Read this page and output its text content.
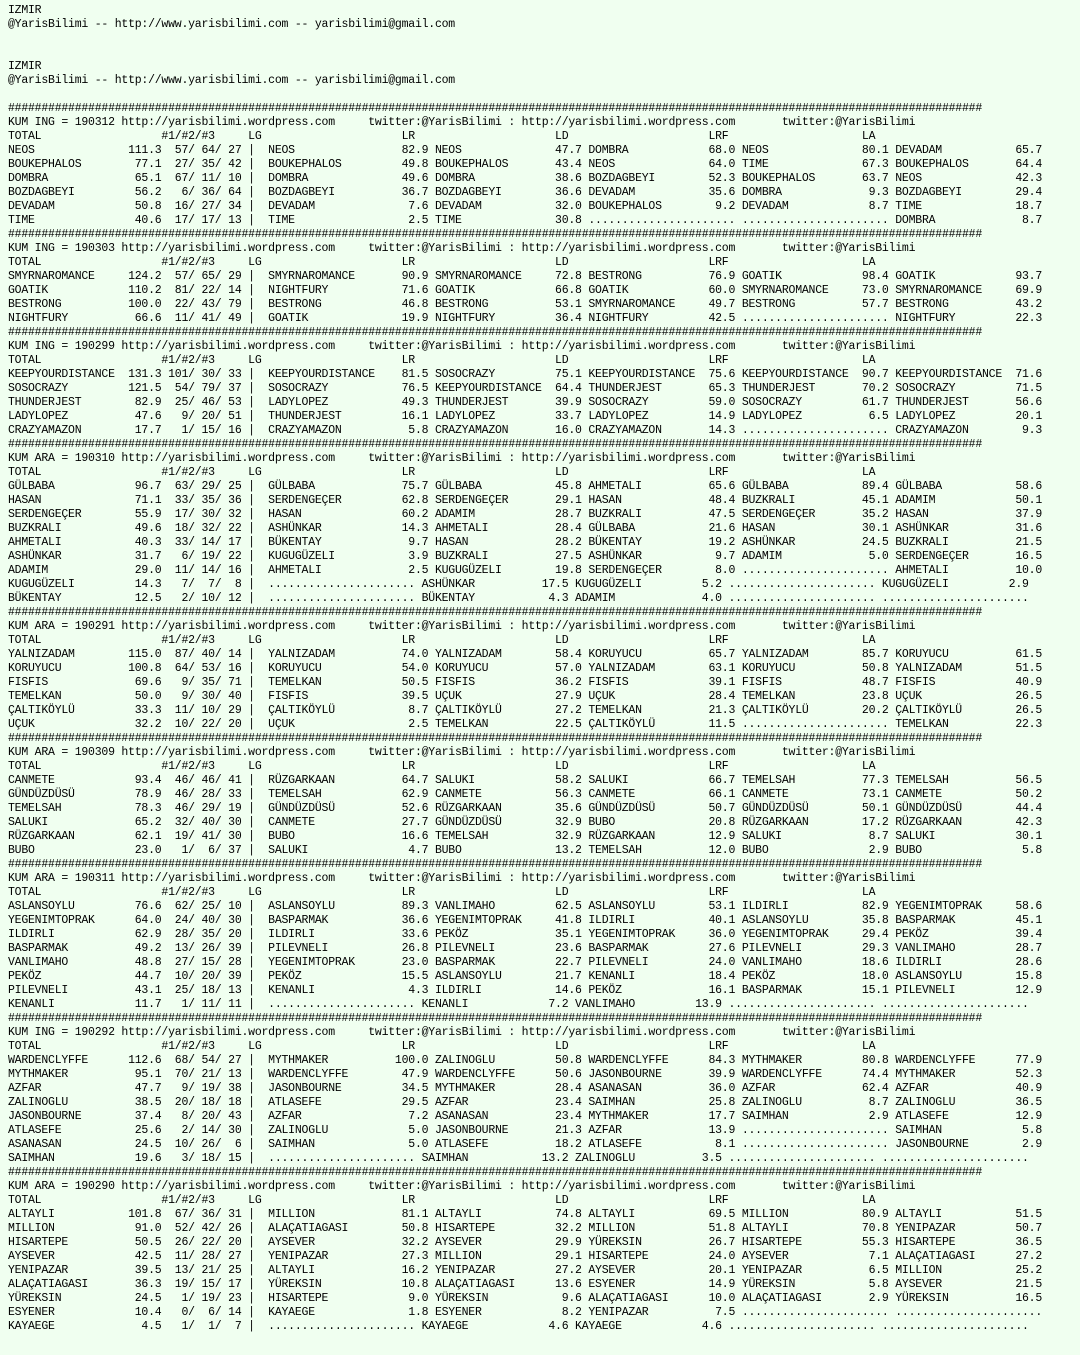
IZMIR
@YarisBilimi -- http://www.yarisbilimi.com -- yarisbilimi@gmail.com

IZMIR
@YarisBilimi -- http://www.yarisbilimi.com -- yarisbilimi@gmail.com

##################################################################################################################################################
KUM ING = 190312 http://yarisbilimi.wordpress.com     twitter:@YarisBilimi : http://yarisbilimi.wordpress.com       twitter:@YarisBilimi
TOTAL                  #1/#2/#3     LG                     LR                     LD                     LRF                    LA
NEOS              111.3  57/ 64/ 27 |  NEOS                82.9 NEOS              47.7 DOMBRA            68.0 NEOS              80.1 DEVADAM           65.7
BOUKEPHALOS        77.1  27/ 35/ 42 |  BOUKEPHALOS         49.8 BOUKEPHALOS       43.4 NEOS              64.0 TIME              67.3 BOUKEPHALOS       64.4
DOMBRA             65.1  67/ 11/ 10 |  DOMBRA              49.6 DOMBRA            38.6 BOZDAGBEYI        52.3 BOUKEPHALOS       63.7 NEOS              42.3
BOZDAGBEYI         56.2   6/ 36/ 64 |  BOZDAGBEYI          36.7 BOZDAGBEYI        36.6 DEVADAM           35.6 DOMBRA             9.3 BOZDAGBEYI        29.4
DEVADAM            50.8  16/ 27/ 34 |  DEVADAM              7.6 DEVADAM           32.0 BOUKEPHALOS        9.2 DEVADAM            8.7 TIME              18.7
TIME               40.6  17/ 17/ 13 |  TIME                 2.5 TIME              30.8 ...................... ...................... DOMBRA             8.7
##################################################################################################################################################
KUM ING = 190303 http://yarisbilimi.wordpress.com     twitter:@YarisBilimi : http://yarisbilimi.wordpress.com       twitter:@YarisBilimi
TOTAL                  #1/#2/#3     LG                     LR                     LD                     LRF                    LA
SMYRNAROMANCE     124.2  57/ 65/ 29 |  SMYRNAROMANCE       90.9 SMYRNAROMANCE     72.8 BESTRONG          76.9 GOATIK            98.4 GOATIK            93.7
GOATIK            110.2  81/ 22/ 14 |  NIGHTFURY           71.6 GOATIK            66.8 GOATIK            60.0 SMYRNAROMANCE     73.0 SMYRNAROMANCE     69.9
BESTRONG          100.0  22/ 43/ 79 |  BESTRONG            46.8 BESTRONG          53.1 SMYRNAROMANCE     49.7 BESTRONG          57.7 BESTRONG          43.2
NIGHTFURY          66.6  11/ 41/ 49 |  GOATIK              19.9 NIGHTFURY         36.4 NIGHTFURY         42.5 ...................... NIGHTFURY         22.3
##################################################################################################################################################
KUM ING = 190299 http://yarisbilimi.wordpress.com     twitter:@YarisBilimi : http://yarisbilimi.wordpress.com       twitter:@YarisBilimi
TOTAL                  #1/#2/#3     LG                     LR                     LD                     LRF                    LA
KEEPYOURDISTANCE  131.3 101/ 30/ 33 |  KEEPYOURDISTANCE    81.5 SOSOCRAZY         75.1 KEEPYOURDISTANCE  75.6 KEEPYOURDISTANCE  90.7 KEEPYOURDISTANCE  71.6
SOSOCRAZY         121.5  54/ 79/ 37 |  SOSOCRAZY           76.5 KEEPYOURDISTANCE  64.4 THUNDERJEST       65.3 THUNDERJEST       70.2 SOSOCRAZY         71.5
THUNDERJEST        82.9  25/ 46/ 53 |  LADYLOPEZ           49.3 THUNDERJEST       39.9 SOSOCRAZY         59.0 SOSOCRAZY         61.7 THUNDERJEST       56.6
LADYLOPEZ          47.6   9/ 20/ 51 |  THUNDERJEST         16.1 LADYLOPEZ         33.7 LADYLOPEZ         14.9 LADYLOPEZ          6.5 LADYLOPEZ         20.1
CRAZYAMAZON        17.7   1/ 15/ 16 |  CRAZYAMAZON          5.8 CRAZYAMAZON       16.0 CRAZYAMAZON       14.3 ...................... CRAZYAMAZON        9.3
##################################################################################################################################################
KUM ARA = 190310 http://yarisbilimi.wordpress.com     twitter:@YarisBilimi : http://yarisbilimi.wordpress.com       twitter:@YarisBilimi
TOTAL                  #1/#2/#3     LG                     LR                     LD                     LRF                    LA
GÜLBABA            96.7  63/ 29/ 25 |  GÜLBABA             75.7 GÜLBABA           45.8 AHMETALI          65.6 GÜLBABA           89.4 GÜLBABA           58.6
HASAN              71.1  33/ 35/ 36 |  SERDENGEÇER         62.8 SERDENGEÇER       29.1 HASAN             48.4 BUZKRALI          45.1 ADAMIM            50.1
SERDENGEÇER        55.9  17/ 30/ 32 |  HASAN               60.2 ADAMIM            28.7 BUZKRALI          47.5 SERDENGEÇER       35.2 HASAN             37.9
BUZKRALI           49.6  18/ 32/ 22 |  ASHÜNKAR            14.3 AHMETALI          28.4 GÜLBABA           21.6 HASAN             30.1 ASHÜNKAR          31.6
AHMETALI           40.3  33/ 14/ 17 |  BÜKENTAY             9.7 HASAN             28.2 BÜKENTAY          19.2 ASHÜNKAR          24.5 BUZKRALI          21.5
ASHÜNKAR           31.7   6/ 19/ 22 |  KUGUGÜZELI           3.9 BUZKRALI          27.5 ASHÜNKAR           9.7 ADAMIM             5.0 SERDENGEÇER       16.5
ADAMIM             29.0  11/ 14/ 16 |  AHMETALI             2.5 KUGUGÜZELI        19.8 SERDENGEÇER        8.0 ...................... AHMETALI          10.0
KUGUGÜZELI         14.3   7/  7/  8 |  ...................... ASHÜNKAR          17.5 KUGUGÜZELI         5.2 ...................... KUGUGÜZELI         2.9
BÜKENTAY           12.5   2/ 10/ 12 |  ...................... BÜKENTAY           4.3 ADAMIM             4.0 ...................... ......................
##################################################################################################################################################
KUM ARA = 190291 http://yarisbilimi.wordpress.com     twitter:@YarisBilimi : http://yarisbilimi.wordpress.com       twitter:@YarisBilimi
TOTAL                  #1/#2/#3     LG                     LR                     LD                     LRF                    LA
YALNIZADAM        115.0  87/ 40/ 14 |  YALNIZADAM          74.0 YALNIZADAM        58.4 KORUYUCU          65.7 YALNIZADAM        85.7 KORUYUCU          61.5
KORUYUCU          100.8  64/ 53/ 16 |  KORUYUCU            54.0 KORUYUCU          57.0 YALNIZADAM        63.1 KORUYUCU          50.8 YALNIZADAM        51.5
FISFIS             69.6   9/ 35/ 71 |  TEMELKAN            50.5 FISFIS            36.2 FISFIS            39.1 FISFIS            48.7 FISFIS            40.9
TEMELKAN           50.0   9/ 30/ 40 |  FISFIS              39.5 UÇUK              27.9 UÇUK              28.4 TEMELKAN          23.8 UÇUK              26.5
ÇALTIKÖYLÜ         33.3  11/ 10/ 29 |  ÇALTIKÖYLÜ           8.7 ÇALTIKÖYLÜ        27.2 TEMELKAN          21.3 ÇALTIKÖYLÜ        20.2 ÇALTIKÖYLÜ        26.5
UÇUK               32.2  10/ 22/ 20 |  UÇUK                 2.5 TEMELKAN          22.5 ÇALTIKÖYLÜ        11.5 ...................... TEMELKAN          22.3
##################################################################################################################################################
KUM ARA = 190309 http://yarisbilimi.wordpress.com     twitter:@YarisBilimi : http://yarisbilimi.wordpress.com       twitter:@YarisBilimi
TOTAL                  #1/#2/#3     LG                     LR                     LD                     LRF                    LA
CANMETE            93.4  46/ 46/ 41 |  RÜZGARKAAN          64.7 SALUKI            58.2 SALUKI            66.7 TEMELSAH          77.3 TEMELSAH          56.5
GÜNDÜZDÜSÜ         78.9  46/ 28/ 33 |  TEMELSAH            62.9 CANMETE           56.3 CANMETE           66.1 CANMETE           73.1 CANMETE           50.2
TEMELSAH           78.3  46/ 29/ 19 |  GÜNDÜZDÜSÜ          52.6 RÜZGARKAAN        35.6 GÜNDÜZDÜSÜ        50.7 GÜNDÜZDÜSÜ        50.1 GÜNDÜZDÜSÜ        44.4
SALUKI             65.2  32/ 40/ 30 |  CANMETE             27.7 GÜNDÜZDÜSÜ        32.9 BUBO              20.8 RÜZGARKAAN        17.2 RÜZGARKAAN        42.3
RÜZGARKAAN         62.1  19/ 41/ 30 |  BUBO                16.6 TEMELSAH          32.9 RÜZGARKAAN        12.9 SALUKI             8.7 SALUKI            30.1
BUBO               23.0   1/  6/ 37 |  SALUKI               4.7 BUBO              13.2 TEMELSAH          12.0 BUBO               2.9 BUBO               5.8
##################################################################################################################################################
KUM ARA = 190311 http://yarisbilimi.wordpress.com     twitter:@YarisBilimi : http://yarisbilimi.wordpress.com       twitter:@YarisBilimi
TOTAL                  #1/#2/#3     LG                     LR                     LD                     LRF                    LA
ASLANSOYLU         76.6  62/ 25/ 10 |  ASLANSOYLU          89.3 VANLIMAHO         62.5 ASLANSOYLU        53.1 ILDIRLI           82.9 YEGENIMTOPRAK     58.6
YEGENIMTOPRAK      64.0  24/ 40/ 30 |  BASPARMAK           36.6 YEGENIMTOPRAK     41.8 ILDIRLI           40.1 ASLANSOYLU        35.8 BASPARMAK         45.1
ILDIRLI            62.9  28/ 35/ 20 |  ILDIRLI             33.6 PEKÖZ             35.1 YEGENIMTOPRAK     36.0 YEGENIMTOPRAK     29.4 PEKÖZ             39.4
BASPARMAK          49.2  13/ 26/ 39 |  PILEVNELI           26.8 PILEVNELI         23.6 BASPARMAK         27.6 PILEVNELI         29.3 VANLIMAHO         28.7
VANLIMAHO          48.8  27/ 15/ 28 |  YEGENIMTOPRAK       23.0 BASPARMAK         22.7 PILEVNELI         24.0 VANLIMAHO         18.6 ILDIRLI           28.6
PEKÖZ              44.7  10/ 20/ 39 |  PEKÖZ               15.5 ASLANSOYLU        21.7 KENANLI           18.4 PEKÖZ             18.0 ASLANSOYLU        15.8
PILEVNELI          43.1  25/ 18/ 13 |  KENANLI              4.3 ILDIRLI           14.6 PEKÖZ             16.1 BASPARMAK         15.1 PILEVNELI         12.9
KENANLI            11.7   1/ 11/ 11 |  ...................... KENANLI            7.2 VANLIMAHO         13.9 ...................... ......................
##################################################################################################################################################
KUM ING = 190292 http://yarisbilimi.wordpress.com     twitter:@YarisBilimi : http://yarisbilimi.wordpress.com       twitter:@YarisBilimi
TOTAL                  #1/#2/#3     LG                     LR                     LD                     LRF                    LA
WARDENCLYFFE      112.6  68/ 54/ 27 |  MYTHMAKER          100.0 ZALINOGLU         50.8 WARDENCLYFFE      84.3 MYTHMAKER         80.8 WARDENCLYFFE      77.9
MYTHMAKER          95.1  70/ 21/ 13 |  WARDENCLYFFE        47.9 WARDENCLYFFE      50.6 JASONBOURNE       39.9 WARDENCLYFFE      74.4 MYTHMAKER         52.3
AZFAR              47.7   9/ 19/ 38 |  JASONBOURNE         34.5 MYTHMAKER         28.4 ASANASAN          36.0 AZFAR             62.4 AZFAR             40.9
ZALINOGLU          38.5  20/ 18/ 18 |  ATLASEFE            29.5 AZFAR             23.4 SAIMHAN           25.8 ZALINOGLU          8.7 ZALINOGLU         36.5
JASONBOURNE        37.4   8/ 20/ 43 |  AZFAR                7.2 ASANASAN          23.4 MYTHMAKER         17.7 SAIMHAN            2.9 ATLASEFE          12.9
ATLASEFE           25.6   2/ 14/ 30 |  ZALINOGLU            5.0 JASONBOURNE       21.3 AZFAR             13.9 ...................... SAIMHAN            5.8
ASANASAN           24.5  10/ 26/  6 |  SAIMHAN              5.0 ATLASEFE          18.2 ATLASEFE           8.1 ...................... JASONBOURNE        2.9
SAIMHAN            19.6   3/ 18/ 15 |  ...................... SAIMHAN           13.2 ZALINOGLU          3.5 ...................... ......................
##################################################################################################################################################
KUM ARA = 190290 http://yarisbilimi.wordpress.com     twitter:@YarisBilimi : http://yarisbilimi.wordpress.com       twitter:@YarisBilimi
TOTAL                  #1/#2/#3     LG                     LR                     LD                     LRF                    LA
ALTAYLI           101.8  67/ 36/ 31 |  MILLION             81.1 ALTAYLI           74.8 ALTAYLI           69.5 MILLION           80.9 ALTAYLI           51.5
MILLION            91.0  52/ 42/ 26 |  ALAÇATIAGASI        50.8 HISARTEPE         32.2 MILLION           51.8 ALTAYLI           70.8 YENIPAZAR         50.7
HISARTEPE          50.5  26/ 22/ 20 |  AYSEVER             32.2 AYSEVER           29.9 YÜREKSIN          26.7 HISARTEPE         55.3 HISARTEPE         36.5
AYSEVER            42.5  11/ 28/ 27 |  YENIPAZAR           27.3 MILLION           29.1 HISARTEPE         24.0 AYSEVER            7.1 ALAÇATIAGASI      27.2
YENIPAZAR          39.5  13/ 21/ 25 |  ALTAYLI             16.2 YENIPAZAR         27.2 AYSEVER           20.1 YENIPAZAR          6.5 MILLION           25.2
ALAÇATIAGASI       36.3  19/ 15/ 17 |  YÜREKSIN            10.8 ALAÇATIAGASI      13.6 ESYENER           14.9 YÜREKSIN           5.8 AYSEVER           21.5
YÜREKSIN           24.5   1/ 19/ 23 |  HISARTEPE            9.0 YÜREKSIN           9.6 ALAÇATIAGASI      10.0 ALAÇATIAGASI       2.9 YÜREKSIN          16.5
ESYENER            10.4   0/  6/ 14 |  KAYAEGE              1.8 ESYENER            8.2 YENIPAZAR          7.5 ...................... ......................
KAYAEGE             4.5   1/  1/  7 |  ...................... KAYAEGE            4.6 KAYAEGE            4.6 ...................... ......................
